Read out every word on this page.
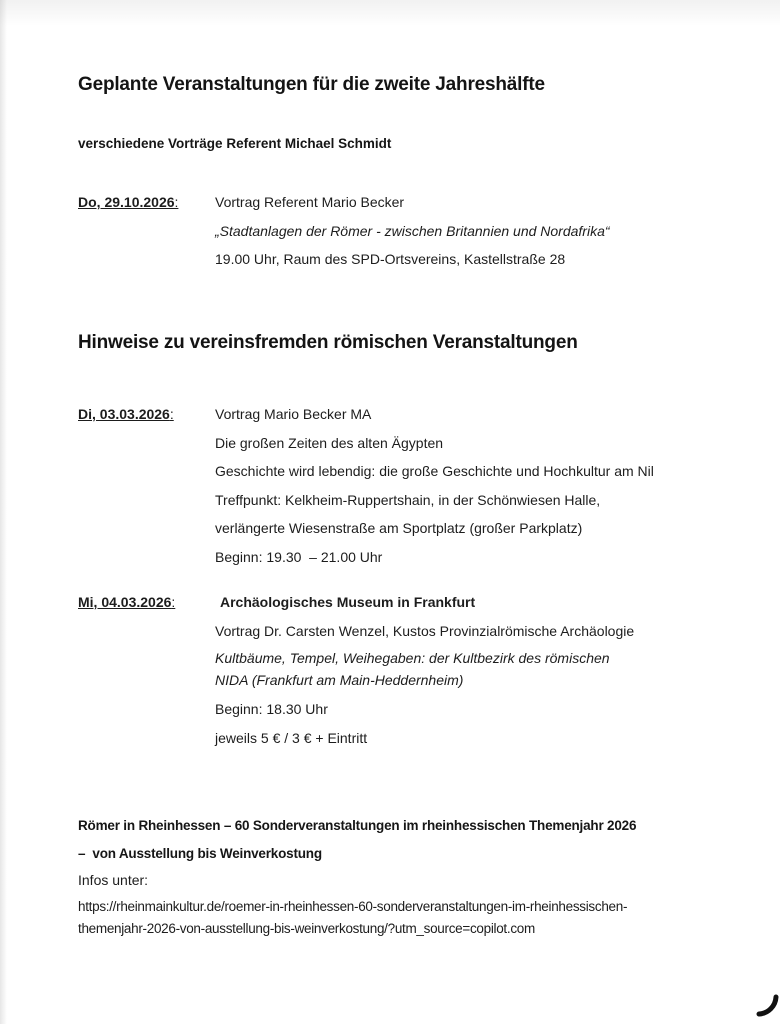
Geplante Veranstaltungen für die zweite Jahreshälfte
verschiedene Vorträge Referent Michael Schmidt
Do, 29.10.2026:	Vortrag Referent Mario Becker
„Stadtanlagen der Römer - zwischen Britannien und Nordafrika“
19.00 Uhr, Raum des SPD-Ortsvereins, Kastellstraße 28
Hinweise zu vereinsfremden römischen Veranstaltungen
Di, 03.03.2026:	Vortrag Mario Becker MA
Die großen Zeiten des alten Ägypten
Geschichte wird lebendig: die große Geschichte und Hochkultur am Nil
Treffpunkt: Kelkheim-Ruppertshain, in der Schönwiesen Halle,
verlängerte Wiesenstraße am Sportplatz (großer Parkplatz)
Beginn: 19.30  – 21.00 Uhr
Mi, 04.03.2026:	Archäologisches Museum in Frankfurt
Vortrag Dr. Carsten Wenzel, Kustos Provinzialrömische Archäologie
Kultbäume, Tempel, Weihegaben: der Kultbezirk des römischen
NIDA (Frankfurt am Main-Heddernheim)
Beginn: 18.30 Uhr
jeweils 5 € / 3 € + Eintritt
Römer in Rheinhessen – 60 Sonderveranstaltungen im rheinhessischen Themenjahr 2026
–  von Ausstellung bis Weinverkostung
Infos unter:
https://rheinmainkultur.de/roemer-in-rheinhessen-60-sonderveranstaltungen-im-rheinhessischen-
themenjahr-2026-von-ausstellung-bis-weinverkostung/?utm_source=copilot.com
